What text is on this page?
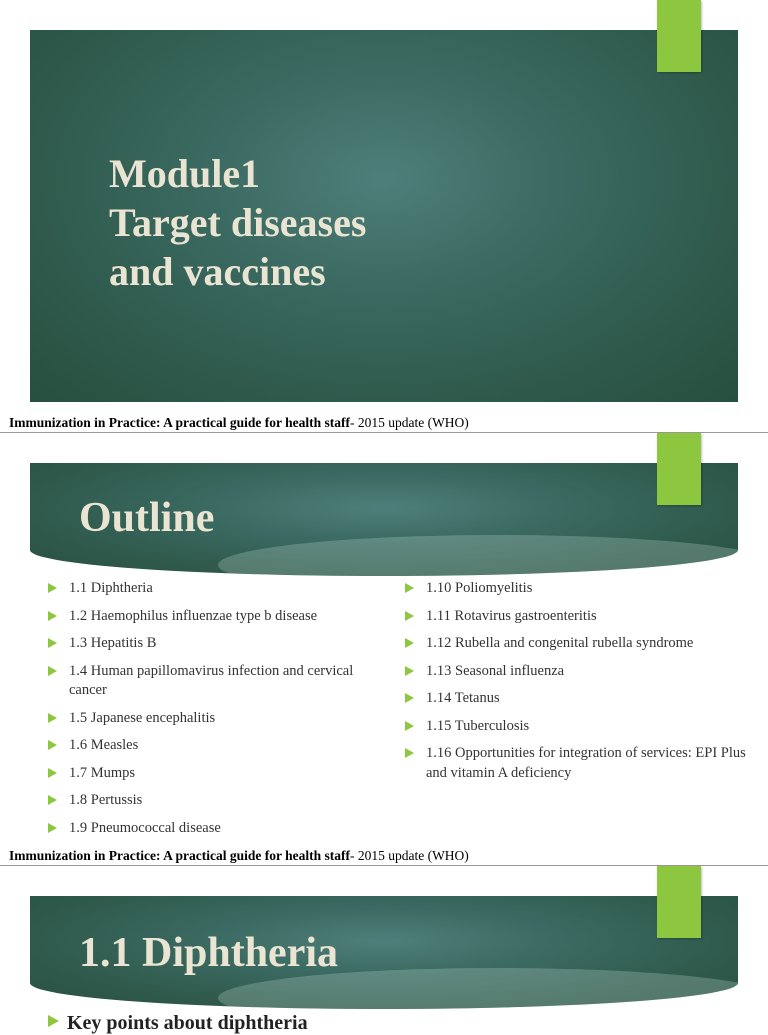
Module1
Target diseases
and vaccines
Immunization in Practice: A practical guide for health staff- 2015 update (WHO)
Outline
1.1 Diphtheria
1.2 Haemophilus influenzae type b disease
1.3 Hepatitis B
1.4 Human papillomavirus infection and cervical cancer
1.5 Japanese encephalitis
1.6 Measles
1.7 Mumps
1.8 Pertussis
1.9 Pneumococcal disease
1.10 Poliomyelitis
1.11 Rotavirus gastroenteritis
1.12 Rubella and congenital rubella syndrome
1.13 Seasonal influenza
1.14 Tetanus
1.15 Tuberculosis
1.16 Opportunities for integration of services: EPI Plus and vitamin A deficiency
Immunization in Practice: A practical guide for health staff- 2015 update (WHO)
1.1 Diphtheria
Key points about diphtheria
